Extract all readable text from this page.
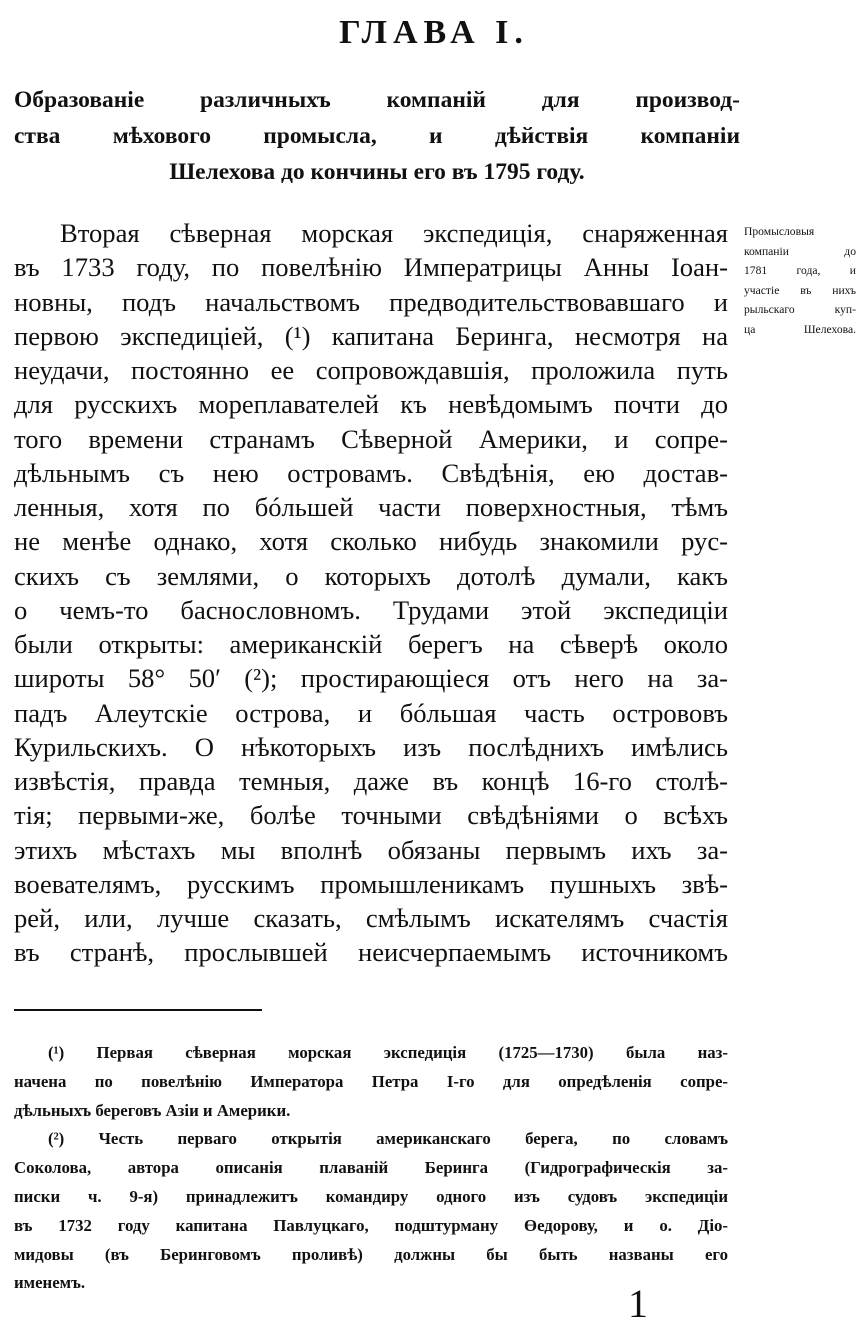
ГЛАВА I.
Образованіе различныхъ компаній для производ-
ства мѣхового промысла, и дѣйствія компаніи
Шелехова до кончины его въ 1795 году.
Вторая сѣверная морская экспедиція, снаряженная
въ 1733 году, по повелѣнію Императрицы Анны Іоан-
новны, подъ начальствомъ предводительствовавшаго и
первою экспедиціей, (¹) капитана Беринга, несмотря на
неудачи, постоянно ее сопровождавшія, проложила путь
для русскихъ мореплавателей къ невѣдомымъ почти до
того времени странамъ Сѣверной Америки, и сопре-
дѣльнымъ съ нею островамъ. Свѣдѣнія, ею достав-
ленныя, хотя по бóльшей части поверхностныя, тѣмъ
не менѣе однако, хотя сколько нибудь знакомили рус-
скихъ съ землями, о которыхъ дотолѣ думали, какъ
о чемъ-то баснословномъ. Трудами этой экспедиціи
были открыты: американскій берегъ на сѣверѣ около
широты 58° 50′ (²); простирающіеся отъ него на за-
падъ Алеутскіе острова, и бóльшая часть острововъ
Курильскихъ. О нѣкоторыхъ изъ послѣднихъ имѣлись
извѣстія, правда темныя, даже въ концѣ 16-го столѣ-
тія; первыми-же, болѣе точными свѣдѣніями о всѣхъ
этихъ мѣстахъ мы вполнѣ обязаны первымъ ихъ за-
воевателямъ, русскимъ промышленикамъ пушныхъ звѣ-
рей, или, лучше сказать, смѣлымъ искателямъ счастія
въ странѣ, прослывшей неисчерпаемымъ источникомъ
Промысловыя
компаніи до
1781 года, и
участіе въ нихъ
рыльскаго куп-
ца Шелехова.
(¹) Первая сѣверная морская экспедиція (1725—1730) была наз-
начена по повелѣнію Императора Петра І-го для опредѣленія сопре-
дѣльныхъ береговъ Азіи и Америки.
(²) Честь перваго открытія американскаго берега, по словамъ
Соколова, автора описанія плаваній Беринга (Гидрографическія за-
писки ч. 9-я) принадлежитъ командиру одного изъ судовъ экспедиціи
въ 1732 году капитана Павлуцкаго, подштурману Өедорову, и о. Діо-
мидовы (въ Беринговомъ проливѣ) должны бы быть названы его
именемъ.	1
